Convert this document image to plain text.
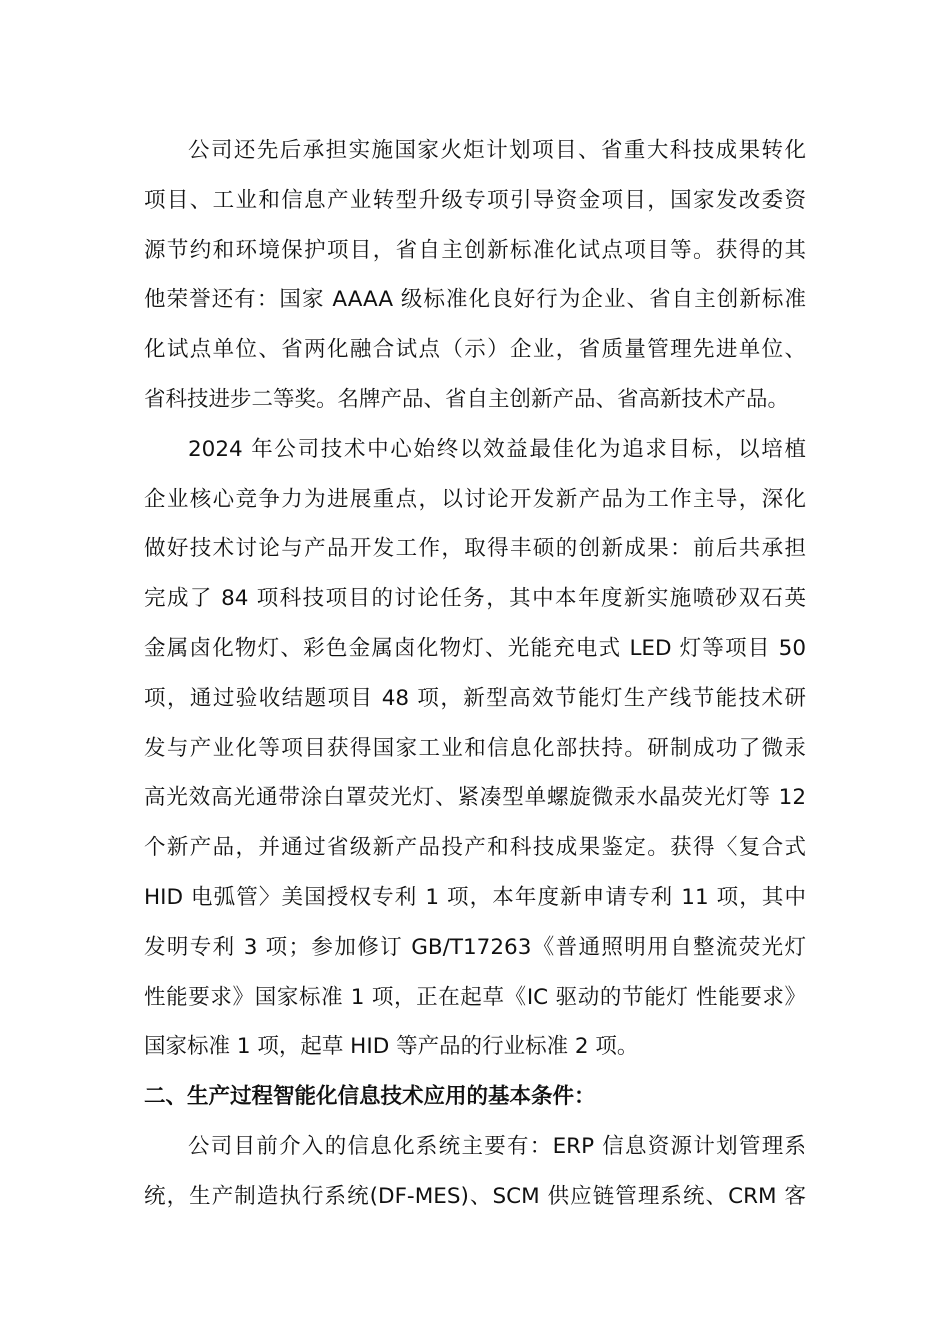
公司还先后承担实施国家火炬计划项目、省重大科技成果转化
项目、工业和信息产业转型升级专项引导资金项目，国家发改委资
源节约和环境保护项目，省自主创新标准化试点项目等。获得的其
他荣誉还有：国家 AAAA 级标准化良好行为企业、省自主创新标准
化试点单位、省两化融合试点（示）企业，省质量管理先进单位、
省科技进步二等奖。名牌产品、省自主创新产品、省高新技术产品。
2024 年公司技术中心始终以效益最佳化为追求目标，以培植
企业核心竞争力为进展重点，以讨论开发新产品为工作主导，深化
做好技术讨论与产品开发工作，取得丰硕的创新成果：前后共承担
完成了 84 项科技项目的讨论任务，其中本年度新实施喷砂双石英
金属卤化物灯、彩色金属卤化物灯、光能充电式 LED 灯等项目 50
项，通过验收结题项目 48 项，新型高效节能灯生产线节能技术研
发与产业化等项目获得国家工业和信息化部扶持。研制成功了微汞
高光效高光通带涂白罩荧光灯、紧凑型单螺旋微汞水晶荧光灯等 12
个新产品，并通过省级新产品投产和科技成果鉴定。获得〈复合式
HID 电弧管〉美国授权专利 1 项，本年度新申请专利 11 项，其中
发明专利 3 项；参加修订 GB/T17263《普通照明用自整流荧光灯
性能要求》国家标准 1 项，正在起草《IC 驱动的节能灯 性能要求》
国家标准 1 项，起草 HID 等产品的行业标准 2 项。
二、生产过程智能化信息技术应用的基本条件：
公司目前介入的信息化系统主要有：ERP 信息资源计划管理系
统，生产制造执行系统(DF-MES)、SCM 供应链管理系统、CRM 客
